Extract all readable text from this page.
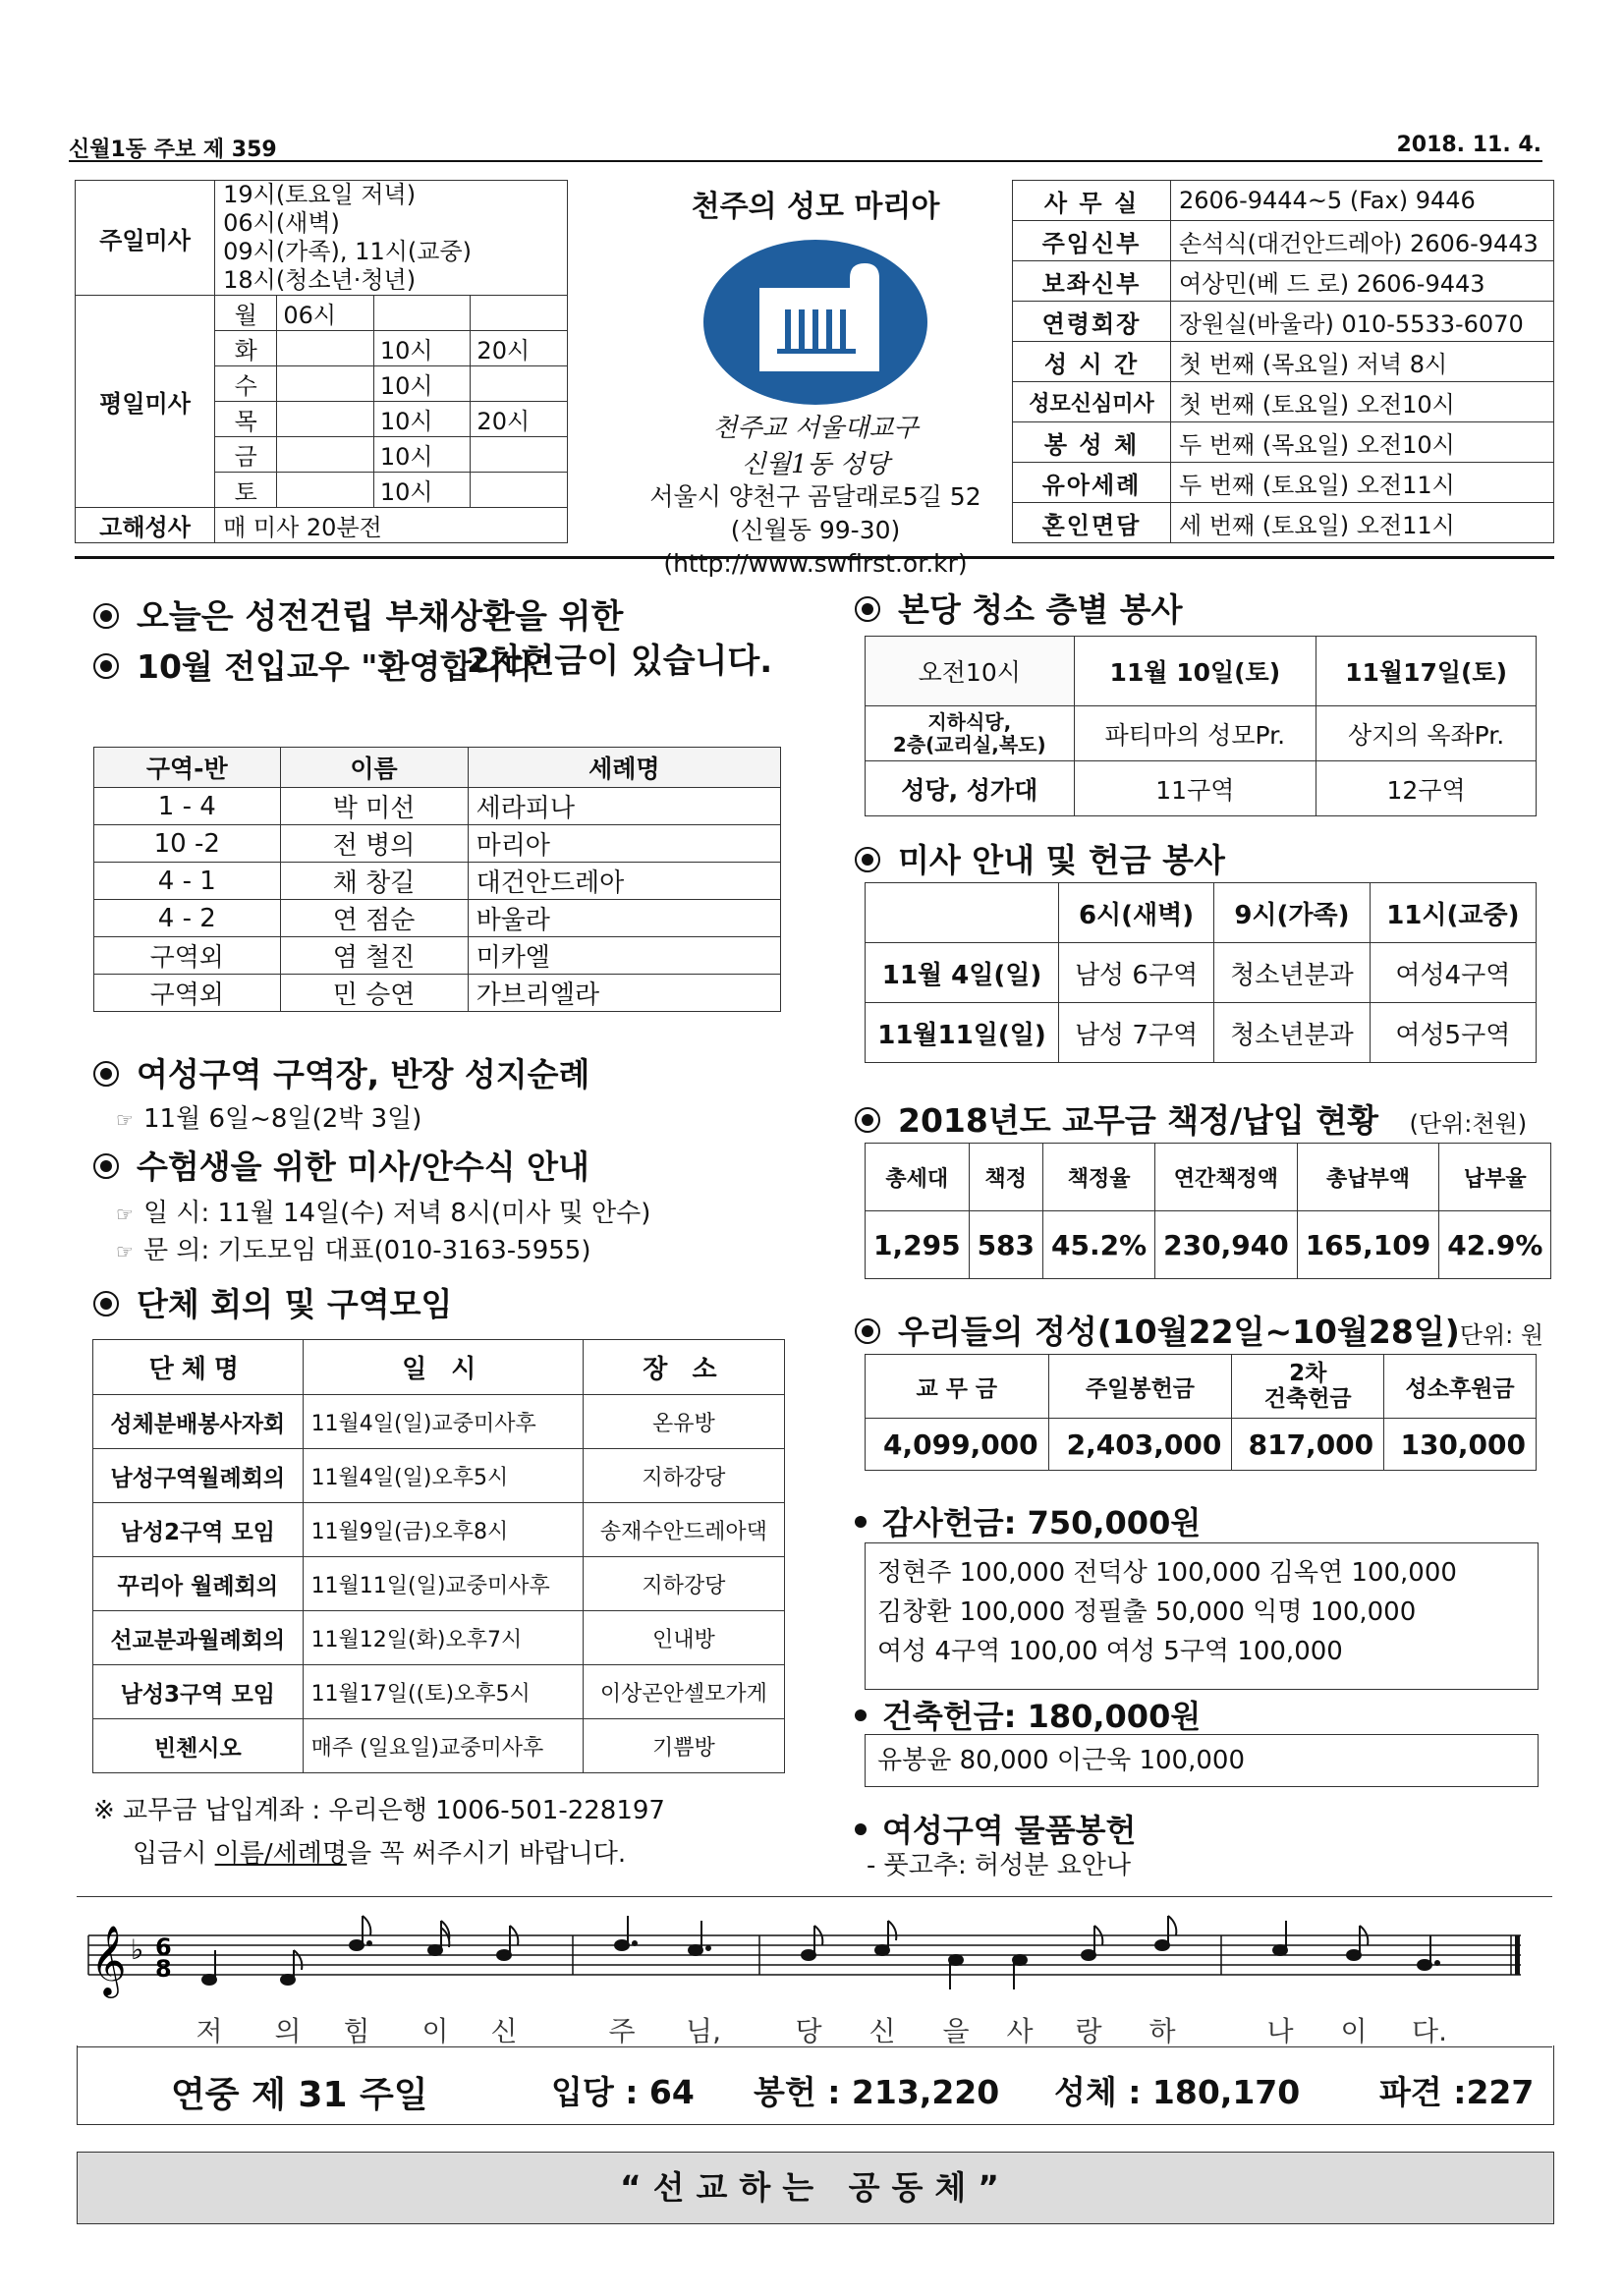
신월1동 주보 제 359	2018. 11. 4.
주일미사	19시(토요일 저녁)
06시(새벽)
09시(가족), 11시(교중)
18시(청소년·청년)			

평일미사	월	06시		
	화		10시	20시
	수		10시	
	목		10시	20시
	금		10시	
	토		10시	
고해성사	매 미사 20분전			
천주의 성모 마리아
천주교 서울대교구
신월1동 성당
서울시 양천구 곰달래로5길 52
(신월동 99-30)
(http://www.swfirst.or.kr)
사 무 실	2606-9444~5 (Fax) 9446
주임신부	손석식(대건안드레아) 2606-9443
보좌신부	여상민(베 드 로) 2606-9443
연령회장	장원실(바울라) 010-5533-6070
성 시 간	첫 번째 (목요일) 저녁 8시
성모신심미사	첫 번째 (토요일) 오전10시
봉 성 체	두 번째 (목요일) 오전10시
유아세례	두 번째 (토요일) 오전11시
혼인면담	세 번째 (토요일) 오전11시
오늘은 성전건립 부채상환을 위한
2차헌금이 있습니다.
10월 전입교우 "환영합니다"
구역-반	이름	세례명
1 - 4	박 미선	세라피나
10 -2	전 병의	마리아
4 - 1	채 창길	대건안드레아
4 - 2	연 점순	바울라
구역외	염 철진	미카엘
구역외	민 승연	가브리엘라
여성구역 구역장, 반장 성지순례
☞ 11월 6일~8일(2박 3일)
수험생을 위한 미사/안수식 안내
☞ 일 시: 11월 14일(수) 저녁 8시(미사 및 안수)
☞ 문 의: 기도모임 대표(010-3163-5955)
단체 회의 및 구역모임
단체명	일 시	장 소
성체분배봉사자회	11월4일(일)교중미사후	온유방
남성구역월례회의	11월4일(일)오후5시	지하강당
남성2구역 모임	11월9일(금)오후8시	송재수안드레아댁
꾸리아 월례회의	11월11일(일)교중미사후	지하강당
선교분과월례회의	11월12일(화)오후7시	인내방
남성3구역 모임	11월17일((토)오후5시	이상곤안셀모가게
빈첸시오	매주 (일요일)교중미사후	기쁨방
※ 교무금 납입계좌 : 우리은행 1006-501-228197
입금시 이름/세례명을 꼭 써주시기 바랍니다.
본당 청소 층별 봉사
오전10시	11월 10일(토)	11월17일(토)
지하식당,
2층(교리실,복도)	파티마의 성모Pr.	상지의 옥좌Pr.
성당, 성가대	11구역	12구역
미사 안내 및 헌금 봉사
	6시(새벽)	9시(가족)	11시(교중)
11월 4일(일)	남성 6구역	청소년분과	여성4구역
11월11일(일)	남성 7구역	청소년분과	여성5구역
2018년도 교무금 책정/납입 현황 (단위:천원)
총세대	책정	책정율	연간책정액	총납부액	납부율
1,295	583	45.2%	230,940	165,109	42.9%
우리들의 정성(10월22일~10월28일)단위: 원
교 무 금	주일봉헌금	2차
건축헌금	성소후원금
4,099,000	2,403,000	817,000	130,000
감사헌금: 750,000원
정현주 100,000 전덕상 100,000 김옥연 100,000
김창환 100,000 정필출 50,000 익명 100,000
여성 4구역 100,00 여성 5구역 100,000
건축헌금: 180,000원
유봉윤 80,000 이근욱 100,000
여성구역 물품봉헌
- 풋고추: 허성분 요안나
𝄞 ♭ 6
8
저 의 힘 이 신	주 님,	당 신 을 사 랑 하	나 이 다.
연중 제 31 주일	입당 : 64 봉헌 : 213,220 성체 : 180,170 파견 :227
“선교하는 공동체”
